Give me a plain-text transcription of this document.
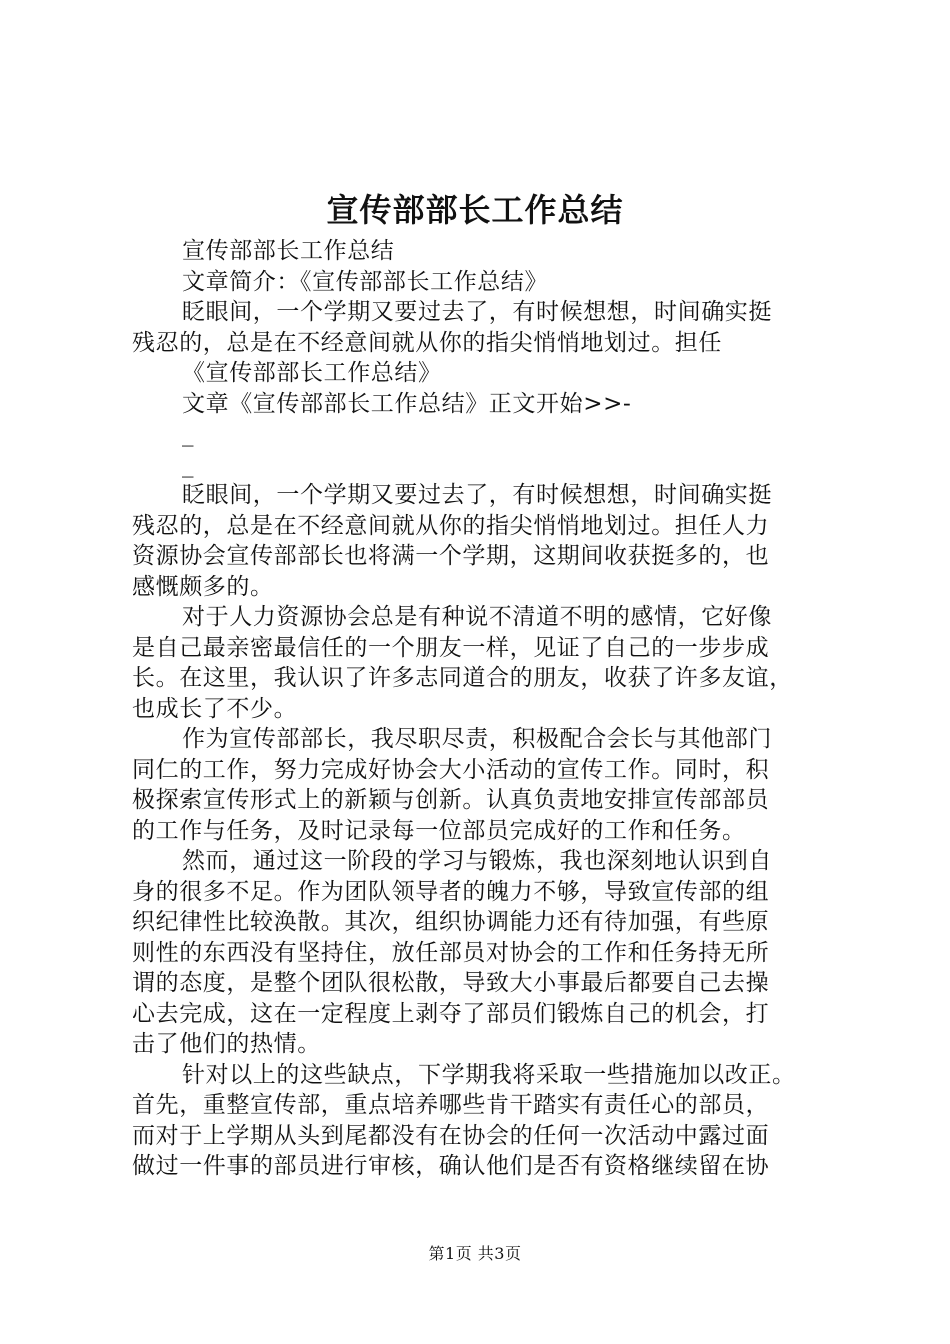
宣传部部长工作总结
宣传部部长工作总结
文章简介：《宣传部部长工作总结》
眨眼间，一个学期又要过去了，有时候想想，时间确实挺
残忍的，总是在不经意间就从你的指尖悄悄地划过。担任
《宣传部部长工作总结》
文章《宣传部部长工作总结》正文开始>>-
_
_
眨眼间，一个学期又要过去了，有时候想想，时间确实挺
残忍的，总是在不经意间就从你的指尖悄悄地划过。担任人力
资源协会宣传部部长也将满一个学期，这期间收获挺多的，也
感慨颇多的。
对于人力资源协会总是有种说不清道不明的感情，它好像
是自己最亲密最信任的一个朋友一样，见证了自己的一步步成
长。在这里，我认识了许多志同道合的朋友，收获了许多友谊，
也成长了不少。
作为宣传部部长，我尽职尽责，积极配合会长与其他部门
同仁的工作，努力完成好协会大小活动的宣传工作。同时，积
极探索宣传形式上的新颖与创新。认真负责地安排宣传部部员
的工作与任务，及时记录每一位部员完成好的工作和任务。
然而，通过这一阶段的学习与锻炼，我也深刻地认识到自
身的很多不足。作为团队领导者的魄力不够，导致宣传部的组
织纪律性比较涣散。其次，组织协调能力还有待加强，有些原
则性的东西没有坚持住，放任部员对协会的工作和任务持无所
谓的态度，是整个团队很松散，导致大小事最后都要自己去操
心去完成，这在一定程度上剥夺了部员们锻炼自己的机会，打
击了他们的热情。
针对以上的这些缺点，下学期我将采取一些措施加以改正。
首先，重整宣传部，重点培养哪些肯干踏实有责任心的部员，
而对于上学期从头到尾都没有在协会的任何一次活动中露过面
做过一件事的部员进行审核，确认他们是否有资格继续留在协
第1页 共3页
